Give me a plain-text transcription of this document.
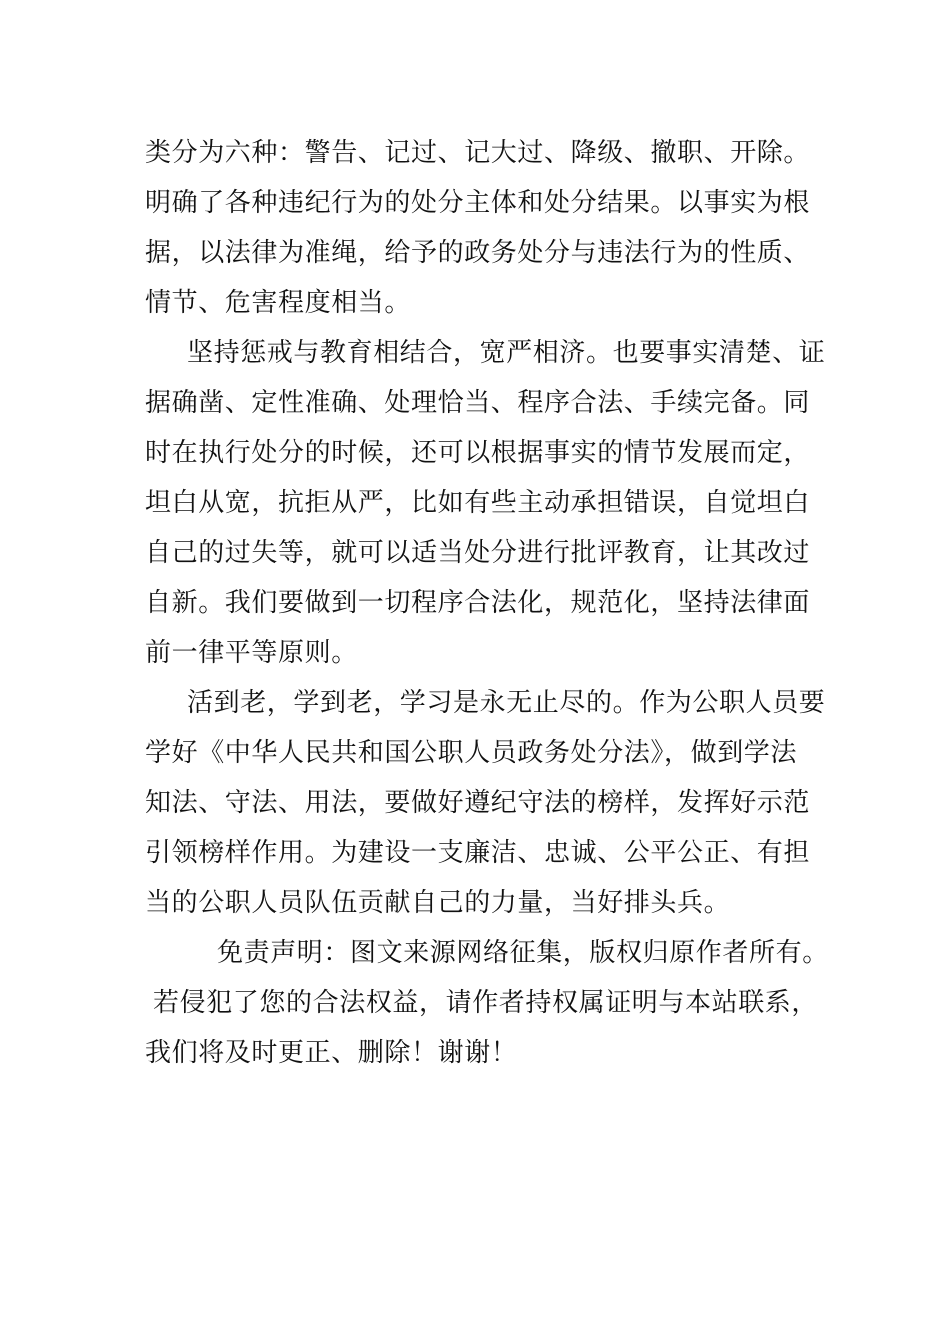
类分为六种：警告、记过、记大过、降级、撤职、开除。
明确了各种违纪行为的处分主体和处分结果。以事实为根
据，以法律为准绳，给予的政务处分与违法行为的性质、
情节、危害程度相当。
坚持惩戒与教育相结合，宽严相济。也要事实清楚、证
据确凿、定性准确、处理恰当、程序合法、手续完备。同
时在执行处分的时候，还可以根据事实的情节发展而定，
坦白从宽，抗拒从严，比如有些主动承担错误，自觉坦白
自己的过失等，就可以适当处分进行批评教育，让其改过
自新。我们要做到一切程序合法化，规范化，坚持法律面
前一律平等原则。
活到老，学到老，学习是永无止尽的。作为公职人员要
学好《中华人民共和国公职人员政务处分法》，做到学法
知法、守法、用法，要做好遵纪守法的榜样，发挥好示范
引领榜样作用。为建设一支廉洁、忠诚、公平公正、有担
当的公职人员队伍贡献自己的力量，当好排头兵。
免责声明：图文来源网络征集，版权归原作者所有。
若侵犯了您的合法权益，请作者持权属证明与本站联系，
我们将及时更正、删除！谢谢！
